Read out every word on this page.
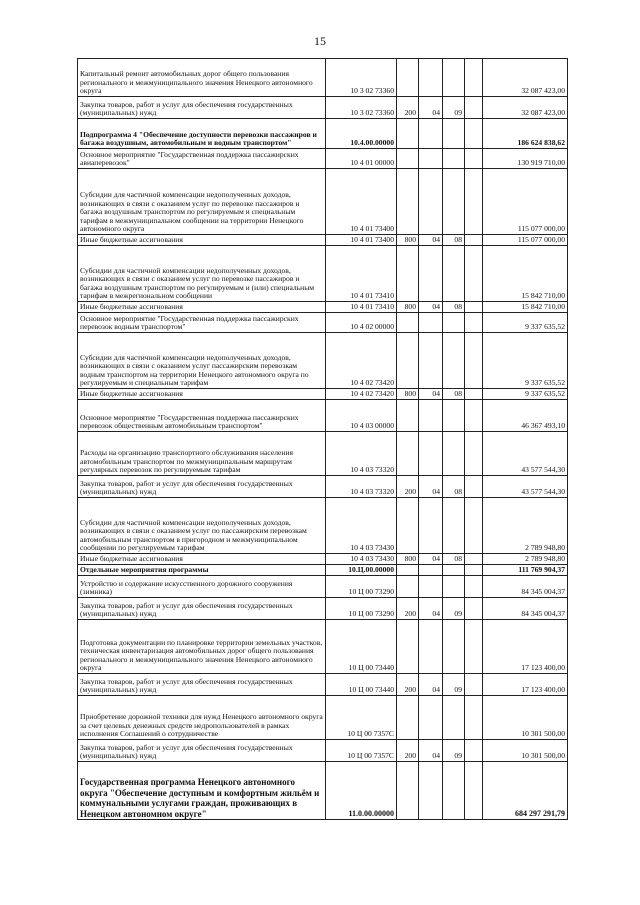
15
Капитальный ремонт автомобильных дорог общего пользования регионального и межмуниципального значения Ненецкого автономного округа	10 3 02 73360					32 087 423,00
Закупка товаров, работ и услуг для обеспечения государственных (муниципальных) нужд	10 3 02 73360	200	04	09		32 087 423,00
Подпрограмма 4 "Обеспечение доступности перевозки пассажиров и багажа воздушным, автомобильным и водным транспортом"	10.4.00.00000					186 624 838,62
Основное мероприятие "Государственная поддержка пассажирских авиаперевозок"	10 4 01 00000					130 919 710,00
Субсидии для частичной компенсации недополученных доходов, возникающих в связи с оказанием услуг по перевозке пассажиров и багажа воздушным транспортом по регулируемым и специальным тарифам в межмуниципальном сообщении на территории Ненецкого автономного округа	10 4 01 73400					115 077 000,00
Иные бюджетные ассигнования	10 4 01 73400	800	04	08		115 077 000,00
Субсидии для частичной компенсации недополученных доходов, возникающих в связи с оказанием услуг по перевозке пассажиров и багажа воздушным транспортом по регулируемым и (или) специальным тарифам в межрегиональном сообщении	10 4 01 73410					15 842 710,00
Иные бюджетные ассигнования	10 4 01 73410	800	04	08		15 842 710,00
Основное мероприятие "Государственная поддержка пассажирских перевозок водным транспортом"	10 4 02 00000					9 337 635,52
Субсидии для частичной компенсации недополученных доходов, возникающих в связи с оказанием услуг пассажирским перевозкам водным транспортом на территории Ненецкого автономного округа по регулируемым и специальным тарифам	10 4 02 73420					9 337 635,52
Иные бюджетные ассигнования	10 4 02 73420	800	04	08		9 337 635,52
Основное мероприятие "Государственная поддержка пассажирских перевозок общественным автомобильным транспортом"	10 4 03 00000					46 367 493,10
Расходы на организацию транспортного обслуживания населения автомобильным транспортом по межмуниципальным маршрутам регулярных перевозок по регулируемым тарифам	10 4 03 73320					43 577 544,30
Закупка товаров, работ и услуг для обеспечения государственных (муниципальных) нужд	10 4 03 73320	200	04	08		43 577 544,30
Субсидии для частичной компенсации недополученных доходов, возникающих в связи с оказанием услуг по пассажирским перевозкам автомобильным транспортом в пригородном и межмуниципальном сообщении по регулируемым тарифам	10 4 03 73430					2 789 948,80
Иные бюджетные ассигнования	10 4 03 73430	800	04	08		2 789 948,80
Отдельные мероприятия программы	10.Ц.00.00000					111 769 904,37
Устройство и содержание искусственного дорожного сооружения (зимника)	10 Ц 00 73290					84 345 004,37
Закупка товаров, работ и услуг для обеспечения государственных (муниципальных) нужд	10 Ц 00 73290	200	04	09		84 345 004,37
Подготовка документации по планировке территории земельных участков, техническая инвентаризация автомобильных дорог общего пользования регионального и межмуниципального значения Ненецкого автономного округа	10 Ц 00 73440					17 123 400,00
Закупка товаров, работ и услуг для обеспечения государственных (муниципальных) нужд	10 Ц 00 73440	200	04	09		17 123 400,00
Приобретение дорожной техники для нужд Ненецкого автономного округа за счет целевых денежных средств недропользователей в рамках исполнения Соглашений о сотрудничестве	10 Ц 00 7357С					10 301 500,00
Закупка товаров, работ и услуг для обеспечения государственных (муниципальных) нужд	10 Ц 00 7357С	200	04	09		10 301 500,00
Государственная программа Ненецкого автономного округа "Обеспечение доступным и комфортным жильём и коммунальными услугами граждан, проживающих в Ненецком автономном округе"	11.0.00.00000					684 297 291,79
